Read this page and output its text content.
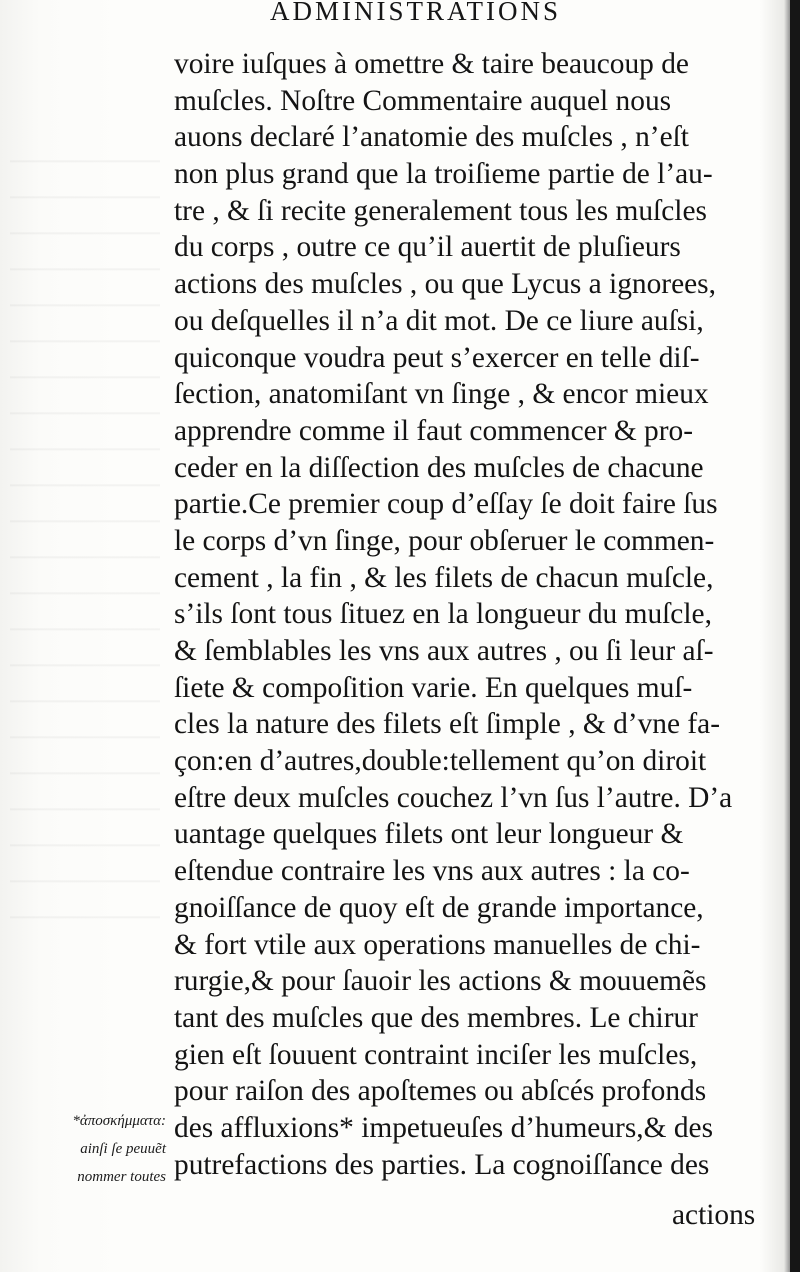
ADMINISTRATIONS
voire iuſques à omettre & taire beaucoup de
muſcles. Noſtre Commentaire auquel nous
auons declaré l’anatomie des muſcles , n’eſt
non plus grand que la troiſieme partie de l’au-
tre , & ſi recite generalement tous les muſcles
du corps , outre ce qu’il auertit de pluſieurs
actions des muſcles , ou que Lycus a ignorees,
ou deſquelles il n’a dit mot. De ce liure auſsi,
quiconque voudra peut s’exercer en telle diſ-
ſection, anatomiſant vn ſinge , & encor mieux
apprendre comme il faut commencer & pro-
ceder en la diſſection des muſcles de chacune
partie.Ce premier coup d’eſſay ſe doit faire ſus
le corps d’vn ſinge, pour obſeruer le commen-
cement , la fin , & les filets de chacun muſcle,
s’ils ſont tous ſituez en la longueur du muſcle,
& ſemblables les vns aux autres , ou ſi leur aſ-
ſiete & compoſition varie. En quelques muſ-
cles la nature des filets eſt ſimple , & d’vne fa-
çon:en d’autres,double:tellement qu’on diroit
eſtre deux muſcles couchez l’vn ſus l’autre. D’a
uantage quelques filets ont leur longueur &
eſtendue contraire les vns aux autres : la co-
gnoiſſance de quoy eſt de grande importance,
& fort vtile aux operations manuelles de chi-
rurgie,& pour ſauoir les actions & mouuemẽs
tant des muſcles que des membres. Le chirur
gien eſt ſouuent contraint inciſer les muſcles,
pour raiſon des apoſtemes ou abſcés profonds
des affluxions* impetueuſes d’humeurs,& des
putrefactions des parties. La cognoiſſance des
actions
*ἀποσκήμματα:
ainſi ſe peuuẽt
nommer toutes
